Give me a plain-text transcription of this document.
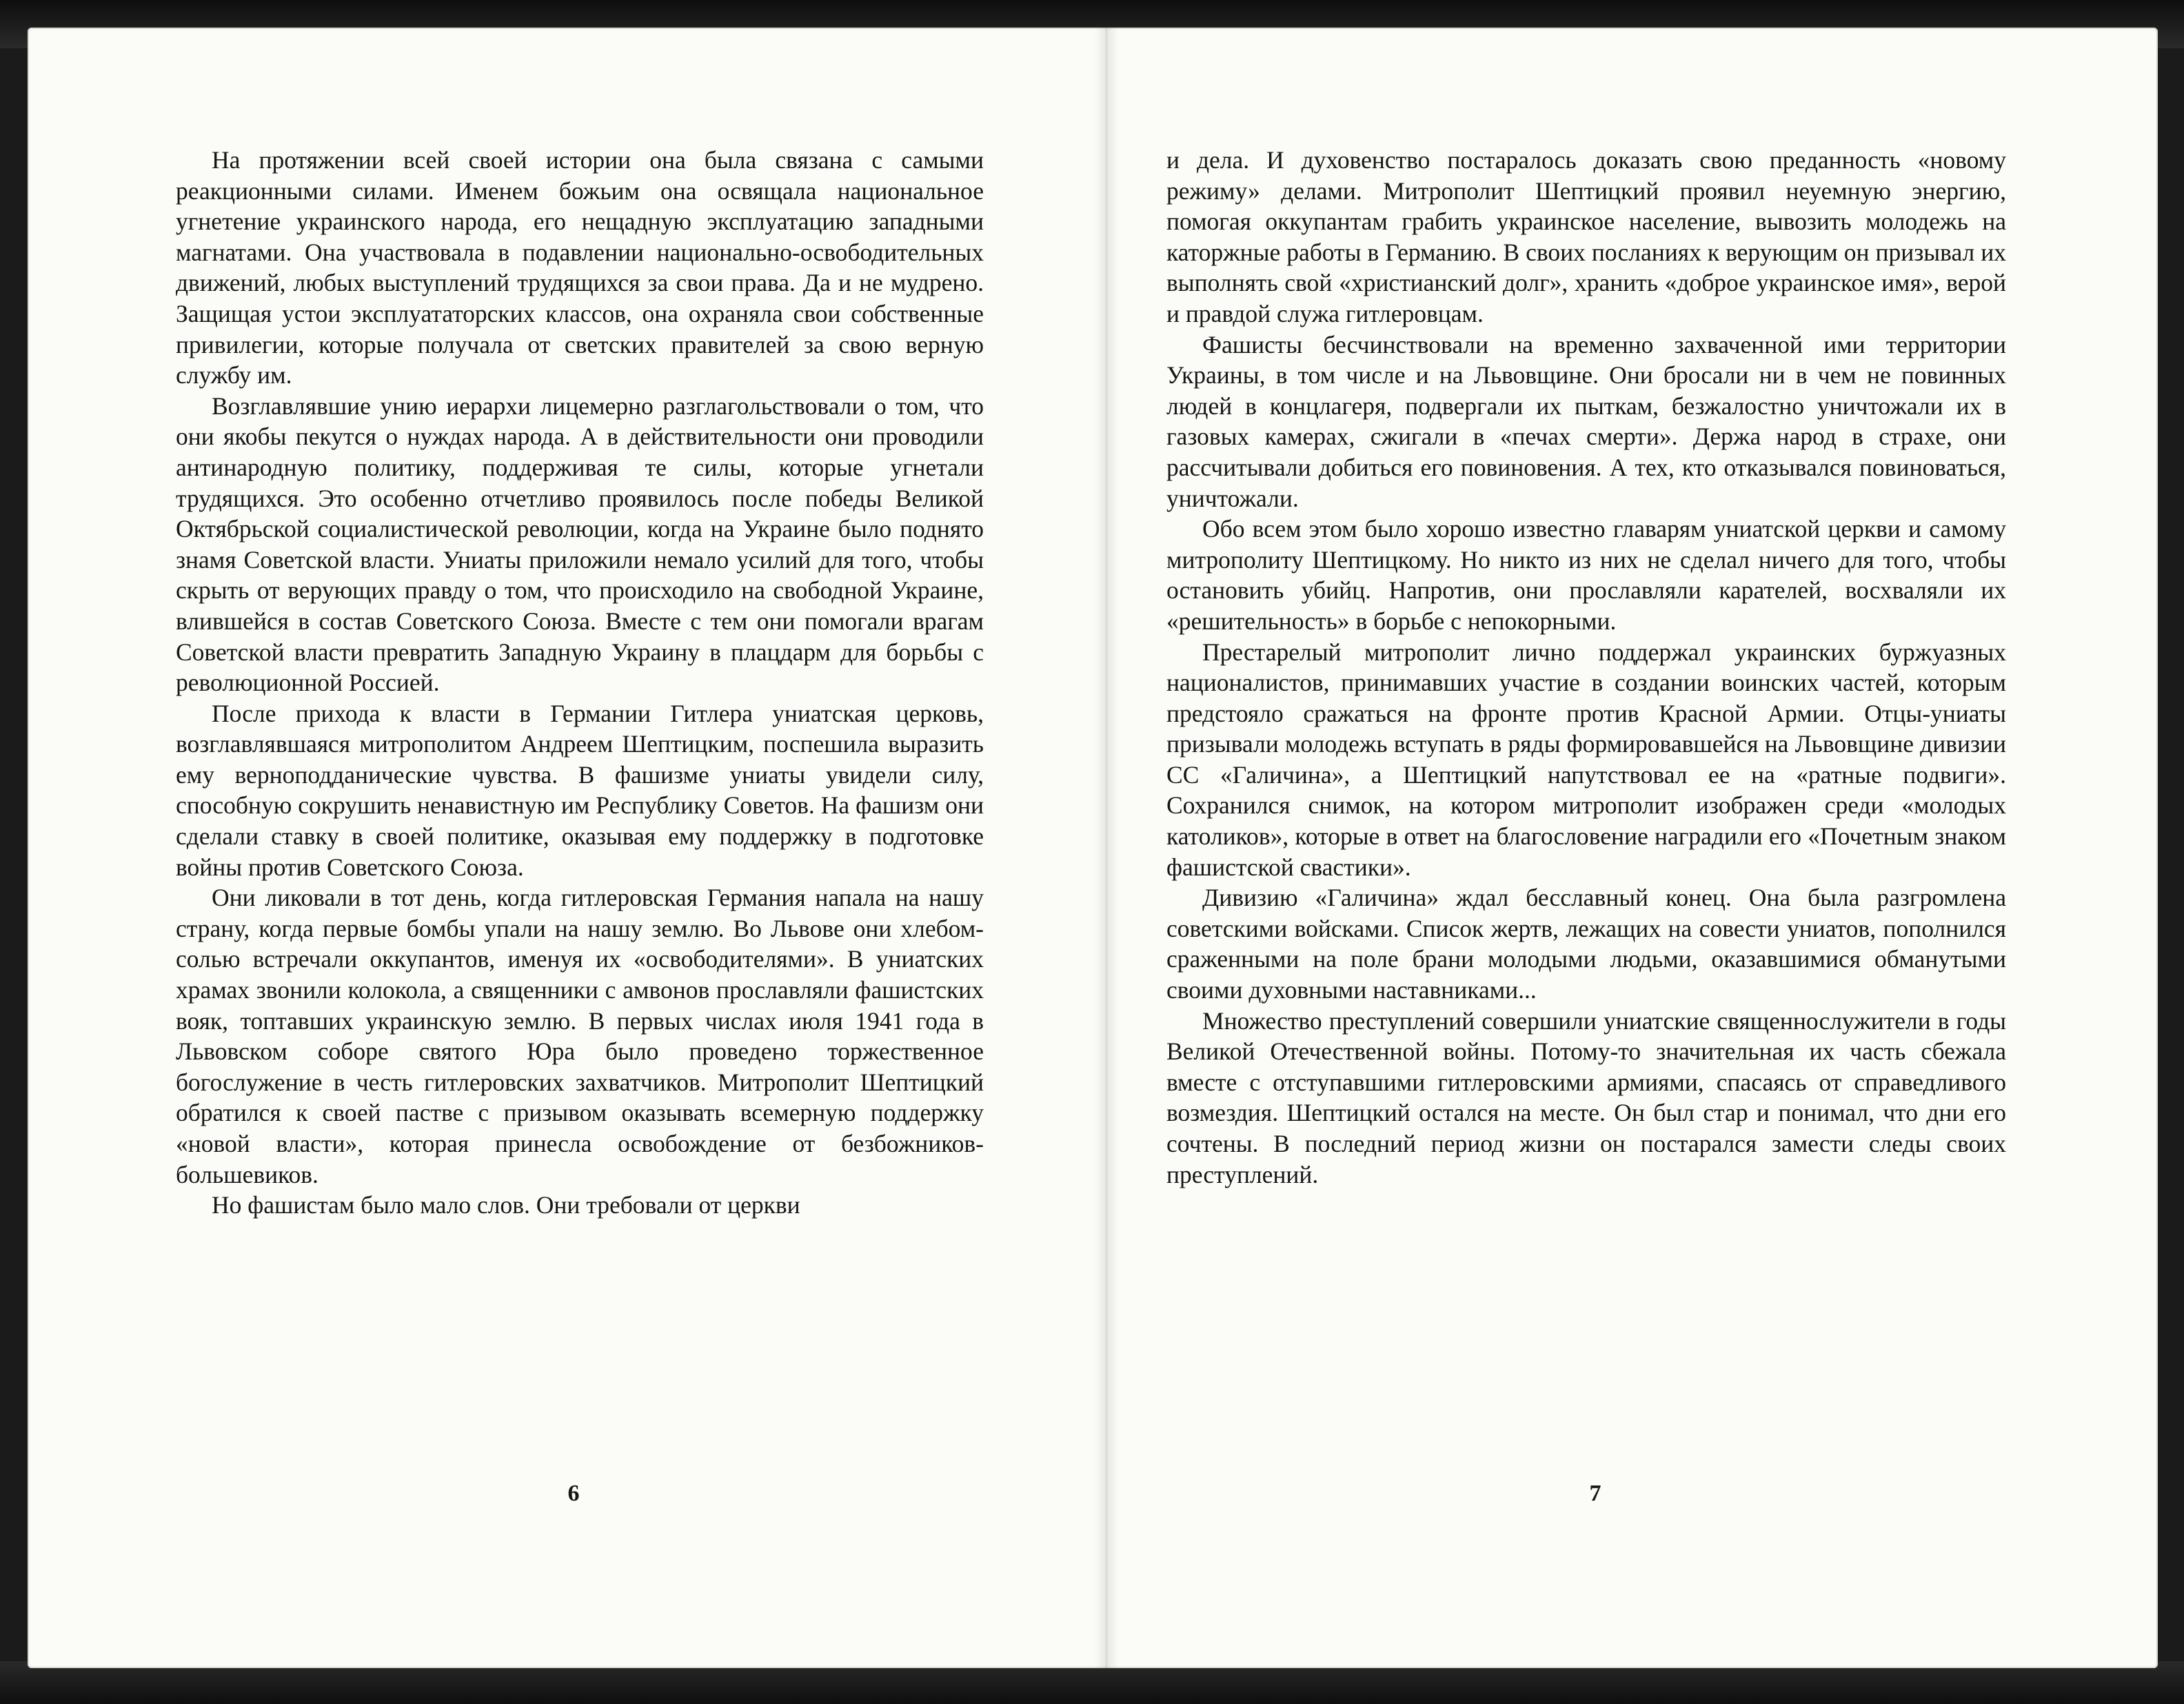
На протяжении всей своей истории она была связана с самыми реакционными силами. Именем божьим она освящала национальное угнетение украинского народа, его нещадную эксплуатацию западными магнатами. Она участвовала в подавлении национально-освободительных движений, любых выступлений трудящихся за свои права. Да и не мудрено. Защищая устои эксплуататорских классов, она охраняла свои собственные привилегии, которые получала от светских правителей за свою верную службу им.

Возглавлявшие унию иерархи лицемерно разглагольствовали о том, что они якобы пекутся о нуждах народа. А в действительности они проводили антинародную политику, поддерживая те силы, которые угнетали трудящихся. Это особенно отчетливо проявилось после победы Великой Октябрьской социалистической революции, когда на Украине было поднято знамя Советской власти. Униаты приложили немало усилий для того, чтобы скрыть от верующих правду о том, что происходило на свободной Украине, влившейся в состав Советского Союза. Вместе с тем они помогали врагам Советской власти превратить Западную Украину в плацдарм для борьбы с революционной Россией.

После прихода к власти в Германии Гитлера униатская церковь, возглавлявшаяся митрополитом Андреем Шептицким, поспешила выразить ему верноподданические чувства. В фашизме униаты увидели силу, способную сокрушить ненавистную им Республику Советов. На фашизм они сделали ставку в своей политике, оказывая ему поддержку в подготовке войны против Советского Союза.

Они ликовали в тот день, когда гитлеровская Германия напала на нашу страну, когда первые бомбы упали на нашу землю. Во Львове они хлебом-солью встречали оккупантов, именуя их «освободителями». В униатских храмах звонили колокола, а священники с амвонов прославляли фашистских вояк, топтавших украинскую землю. В первых числах июля 1941 года в Львовском соборе святого Юра было проведено торжественное богослужение в честь гитлеровских захватчиков. Митрополит Шептицкий обратился к своей пастве с призывом оказывать всемерную поддержку «новой власти», которая принесла освобождение от безбожников-большевиков.

Но фашистам было мало слов. Они требовали от церкви

и дела. И духовенство постаралось доказать свою преданность «новому режиму» делами. Митрополит Шептицкий проявил неуемную энергию, помогая оккупантам грабить украинское население, вывозить молодежь на каторжные работы в Германию. В своих посланиях к верующим он призывал их выполнять свой «христианский долг», хранить «доброе украинское имя», верой и правдой служа гитлеровцам.

Фашисты бесчинствовали на временно захваченной ими территории Украины, в том числе и на Львовщине. Они бросали ни в чем не повинных людей в концлагеря, подвергали их пыткам, безжалостно уничтожали их в газовых камерах, сжигали в «печах смерти». Держа народ в страхе, они рассчитывали добиться его повиновения. А тех, кто отказывался повиноваться, уничтожали.

Обо всем этом было хорошо известно главарям униатской церкви и самому митрополиту Шептицкому. Но никто из них не сделал ничего для того, чтобы остановить убийц. Напротив, они прославляли карателей, восхваляли их «решительность» в борьбе с непокорными.

Престарелый митрополит лично поддержал украинских буржуазных националистов, принимавших участие в создании воинских частей, которым предстояло сражаться на фронте против Красной Армии. Отцы-униаты призывали молодежь вступать в ряды формировавшейся на Львовщине дивизии СС «Галичина», а Шептицкий напутствовал ее на «ратные подвиги». Сохранился снимок, на котором митрополит изображен среди «молодых католиков», которые в ответ на благословение наградили его «Почетным знаком фашистской свастики».

Дивизию «Галичина» ждал бесславный конец. Она была разгромлена советскими войсками. Список жертв, лежащих на совести униатов, пополнился сраженными на поле брани молодыми людьми, оказавшимися обманутыми своими духовными наставниками...

Множество преступлений совершили униатские священнослужители в годы Великой Отечественной войны. Потому-то значительная их часть сбежала вместе с отступавшими гитлеровскими армиями, спасаясь от справедливого возмездия. Шептицкий остался на месте. Он был стар и понимал, что дни его сочтены. В последний период жизни он постарался замести следы своих преступлений.

6	7
